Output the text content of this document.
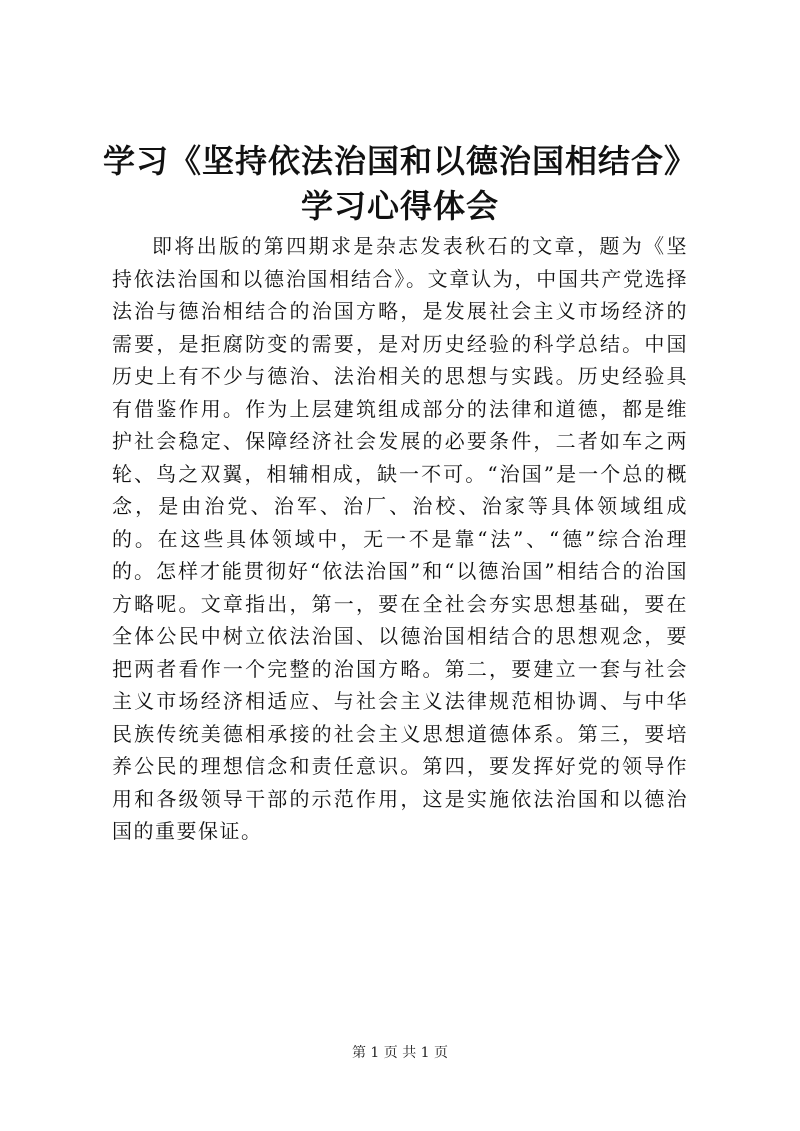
学习《坚持依法治国和以德治国相结合》学习心得体会

即将出版的第四期求是杂志发表秋石的文章，题为《坚持依法治国和以德治国相结合》。文章认为，中国共产党选择法治与德治相结合的治国方略，是发展社会主义市场经济的需要，是拒腐防变的需要，是对历史经验的科学总结。中国历史上有不少与德治、法治相关的思想与实践。历史经验具有借鉴作用。作为上层建筑组成部分的法律和道德，都是维护社会稳定、保障经济社会发展的必要条件，二者如车之两轮、鸟之双翼，相辅相成，缺一不可。“治国”是一个总的概念，是由治党、治军、治厂、治校、治家等具体领域组成的。在这些具体领域中，无一不是靠“法”、“德”综合治理的。怎样才能贯彻好“依法治国”和“以德治国”相结合的治国方略呢。文章指出，第一，要在全社会夯实思想基础，要在全体公民中树立依法治国、以德治国相结合的思想观念，要把两者看作一个完整的治国方略。第二，要建立一套与社会主义市场经济相适应、与社会主义法律规范相协调、与中华民族传统美德相承接的社会主义思想道德体系。第三，要培养公民的理想信念和责任意识。第四，要发挥好党的领导作用和各级领导干部的示范作用，这是实施依法治国和以德治国的重要保证。

第 1 页 共 1 页
